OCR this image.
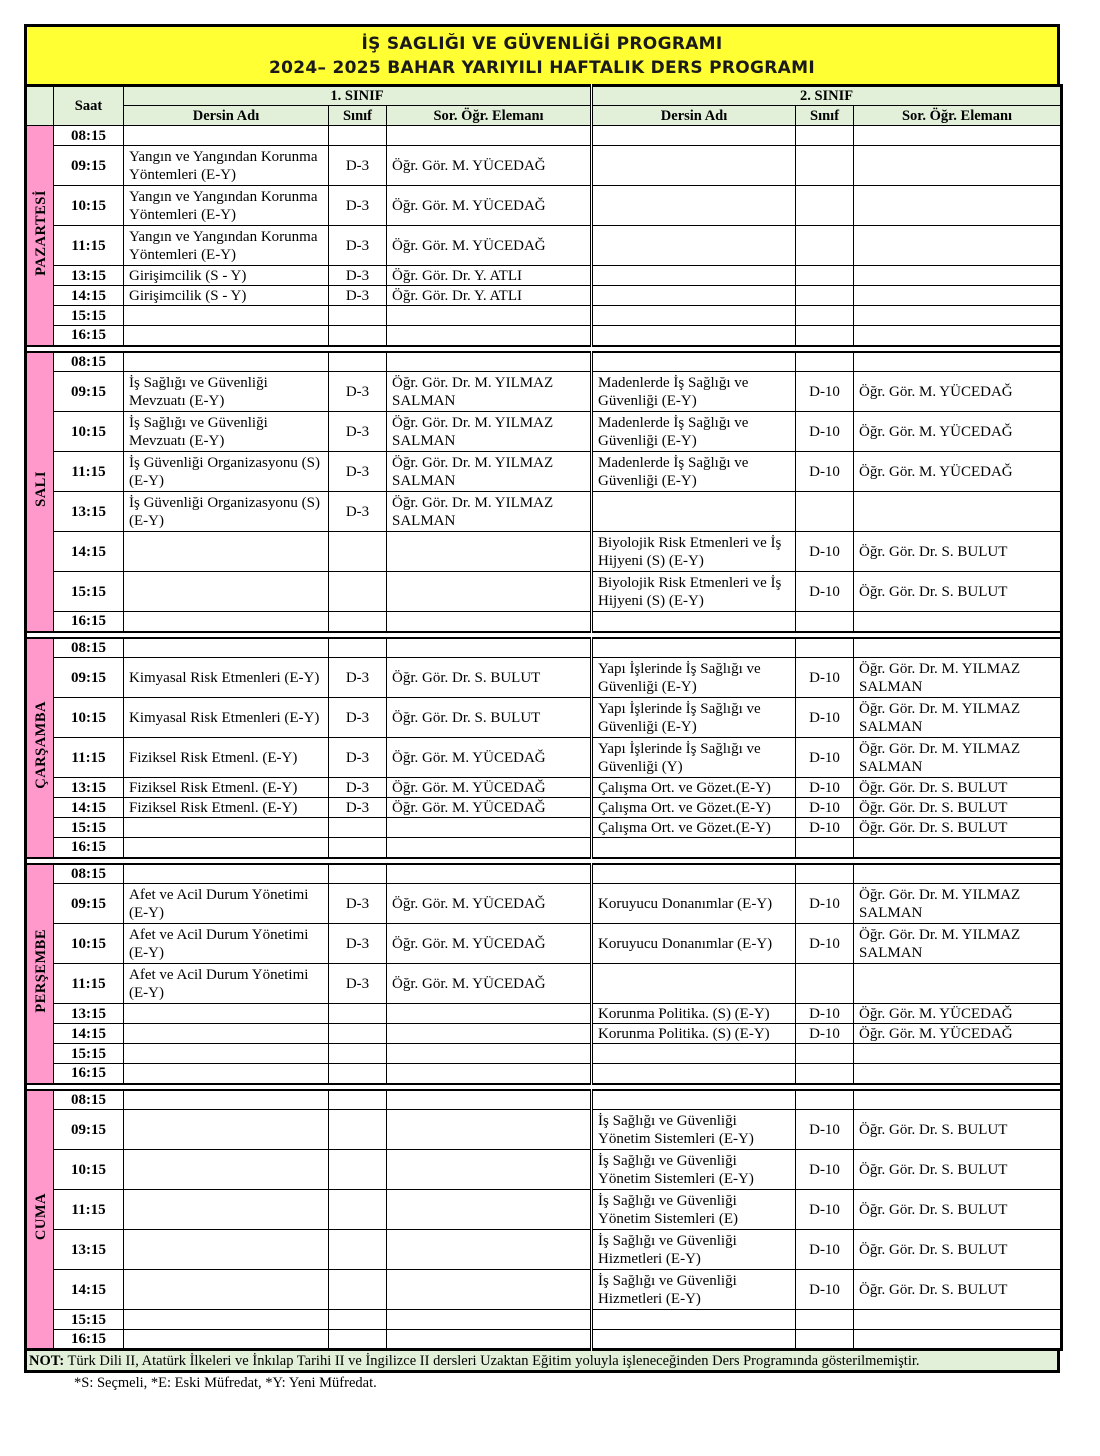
İŞ SAGLIĞI VE GÜVENLİĞİ PROGRAMI
2024– 2025 BAHAR YARIYILI HAFTALIK DERS PROGRAMI
	Saat	1. SINIF			2. SINIF		
		Dersin Adı	Sınıf	Sor. Öğr. Elemanı	Dersin Adı	Sınıf	Sor. Öğr. Elemanı
PAZARTESİ	08:15						
	09:15	Yangın ve Yangından Korunma Yöntemleri (E-Y)	D-3	Öğr. Gör. M. YÜCEDAĞ			
	10:15	Yangın ve Yangından Korunma Yöntemleri (E-Y)	D-3	Öğr. Gör. M. YÜCEDAĞ			
	11:15	Yangın ve Yangından Korunma Yöntemleri (E-Y)	D-3	Öğr. Gör. M. YÜCEDAĞ			
	13:15	Girişimcilik (S - Y)	D-3	Öğr. Gör. Dr. Y. ATLI			
	14:15	Girişimcilik (S - Y)	D-3	Öğr. Gör. Dr. Y. ATLI			
	15:15						
	16:15						

SALI	08:15						
	09:15	İş Sağlığı ve Güvenliği Mevzuatı (E-Y)	D-3	Öğr. Gör. Dr. M. YILMAZ SALMAN	Madenlerde İş Sağlığı ve Güvenliği (E-Y)	D-10	Öğr. Gör. M. YÜCEDAĞ
	10:15	İş Sağlığı ve Güvenliği Mevzuatı (E-Y)	D-3	Öğr. Gör. Dr. M. YILMAZ SALMAN	Madenlerde İş Sağlığı ve Güvenliği (E-Y)	D-10	Öğr. Gör. M. YÜCEDAĞ
	11:15	İş Güvenliği Organizasyonu (S) (E-Y)	D-3	Öğr. Gör. Dr. M. YILMAZ SALMAN	Madenlerde İş Sağlığı ve Güvenliği (E-Y)	D-10	Öğr. Gör. M. YÜCEDAĞ
	13:15	İş Güvenliği Organizasyonu (S) (E-Y)	D-3	Öğr. Gör. Dr. M. YILMAZ SALMAN			
	14:15				Biyolojik Risk Etmenleri ve İş Hijyeni (S) (E-Y)	D-10	Öğr. Gör. Dr. S. BULUT
	15:15				Biyolojik Risk Etmenleri ve İş Hijyeni (S) (E-Y)	D-10	Öğr. Gör. Dr. S. BULUT
	16:15						

ÇARŞAMBA	08:15						
	09:15	Kimyasal Risk Etmenleri (E-Y)	D-3	Öğr. Gör. Dr. S. BULUT	Yapı İşlerinde İş Sağlığı ve Güvenliği (E-Y)	D-10	Öğr. Gör. Dr. M. YILMAZ SALMAN
	10:15	Kimyasal Risk Etmenleri (E-Y)	D-3	Öğr. Gör. Dr. S. BULUT	Yapı İşlerinde İş Sağlığı ve Güvenliği (E-Y)	D-10	Öğr. Gör. Dr. M. YILMAZ SALMAN
	11:15	Fiziksel Risk Etmenl. (E-Y)	D-3	Öğr. Gör. M. YÜCEDAĞ	Yapı İşlerinde İş Sağlığı ve Güvenliği (Y)	D-10	Öğr. Gör. Dr. M. YILMAZ SALMAN
	13:15	Fiziksel Risk Etmenl. (E-Y)	D-3	Öğr. Gör. M. YÜCEDAĞ	Çalışma Ort. ve Gözet.(E-Y)	D-10	Öğr. Gör. Dr. S. BULUT
	14:15	Fiziksel Risk Etmenl. (E-Y)	D-3	Öğr. Gör. M. YÜCEDAĞ	Çalışma Ort. ve Gözet.(E-Y)	D-10	Öğr. Gör. Dr. S. BULUT
	15:15				Çalışma Ort. ve Gözet.(E-Y)	D-10	Öğr. Gör. Dr. S. BULUT
	16:15						

PERŞEMBE	08:15						
	09:15	Afet ve Acil Durum Yönetimi (E-Y)	D-3	Öğr. Gör. M. YÜCEDAĞ	Koruyucu Donanımlar (E-Y)	D-10	Öğr. Gör. Dr. M. YILMAZ SALMAN
	10:15	Afet ve Acil Durum Yönetimi (E-Y)	D-3	Öğr. Gör. M. YÜCEDAĞ	Koruyucu Donanımlar (E-Y)	D-10	Öğr. Gör. Dr. M. YILMAZ SALMAN
	11:15	Afet ve Acil Durum Yönetimi (E-Y)	D-3	Öğr. Gör. M. YÜCEDAĞ			
	13:15				Korunma Politika. (S) (E-Y)	D-10	Öğr. Gör. M. YÜCEDAĞ
	14:15				Korunma Politika. (S) (E-Y)	D-10	Öğr. Gör. M. YÜCEDAĞ
	15:15						
	16:15						

CUMA	08:15						
	09:15				İş Sağlığı ve Güvenliği Yönetim Sistemleri (E-Y)	D-10	Öğr. Gör. Dr. S. BULUT
	10:15				İş Sağlığı ve Güvenliği Yönetim Sistemleri (E-Y)	D-10	Öğr. Gör. Dr. S. BULUT
	11:15				İş Sağlığı ve Güvenliği Yönetim Sistemleri (E)	D-10	Öğr. Gör. Dr. S. BULUT
	13:15				İş Sağlığı ve Güvenliği Hizmetleri (E-Y)	D-10	Öğr. Gör. Dr. S. BULUT
	14:15				İş Sağlığı ve Güvenliği Hizmetleri (E-Y)	D-10	Öğr. Gör. Dr. S. BULUT
	15:15						
	16:15						
NOT: Türk Dili II, Atatürk İlkeleri ve İnkılap Tarihi II ve İngilizce II dersleri Uzaktan Eğitim yoluyla işleneceğinden Ders Programında gösterilmemiştir.
*S: Seçmeli, *E: Eski Müfredat, *Y: Yeni Müfredat.
